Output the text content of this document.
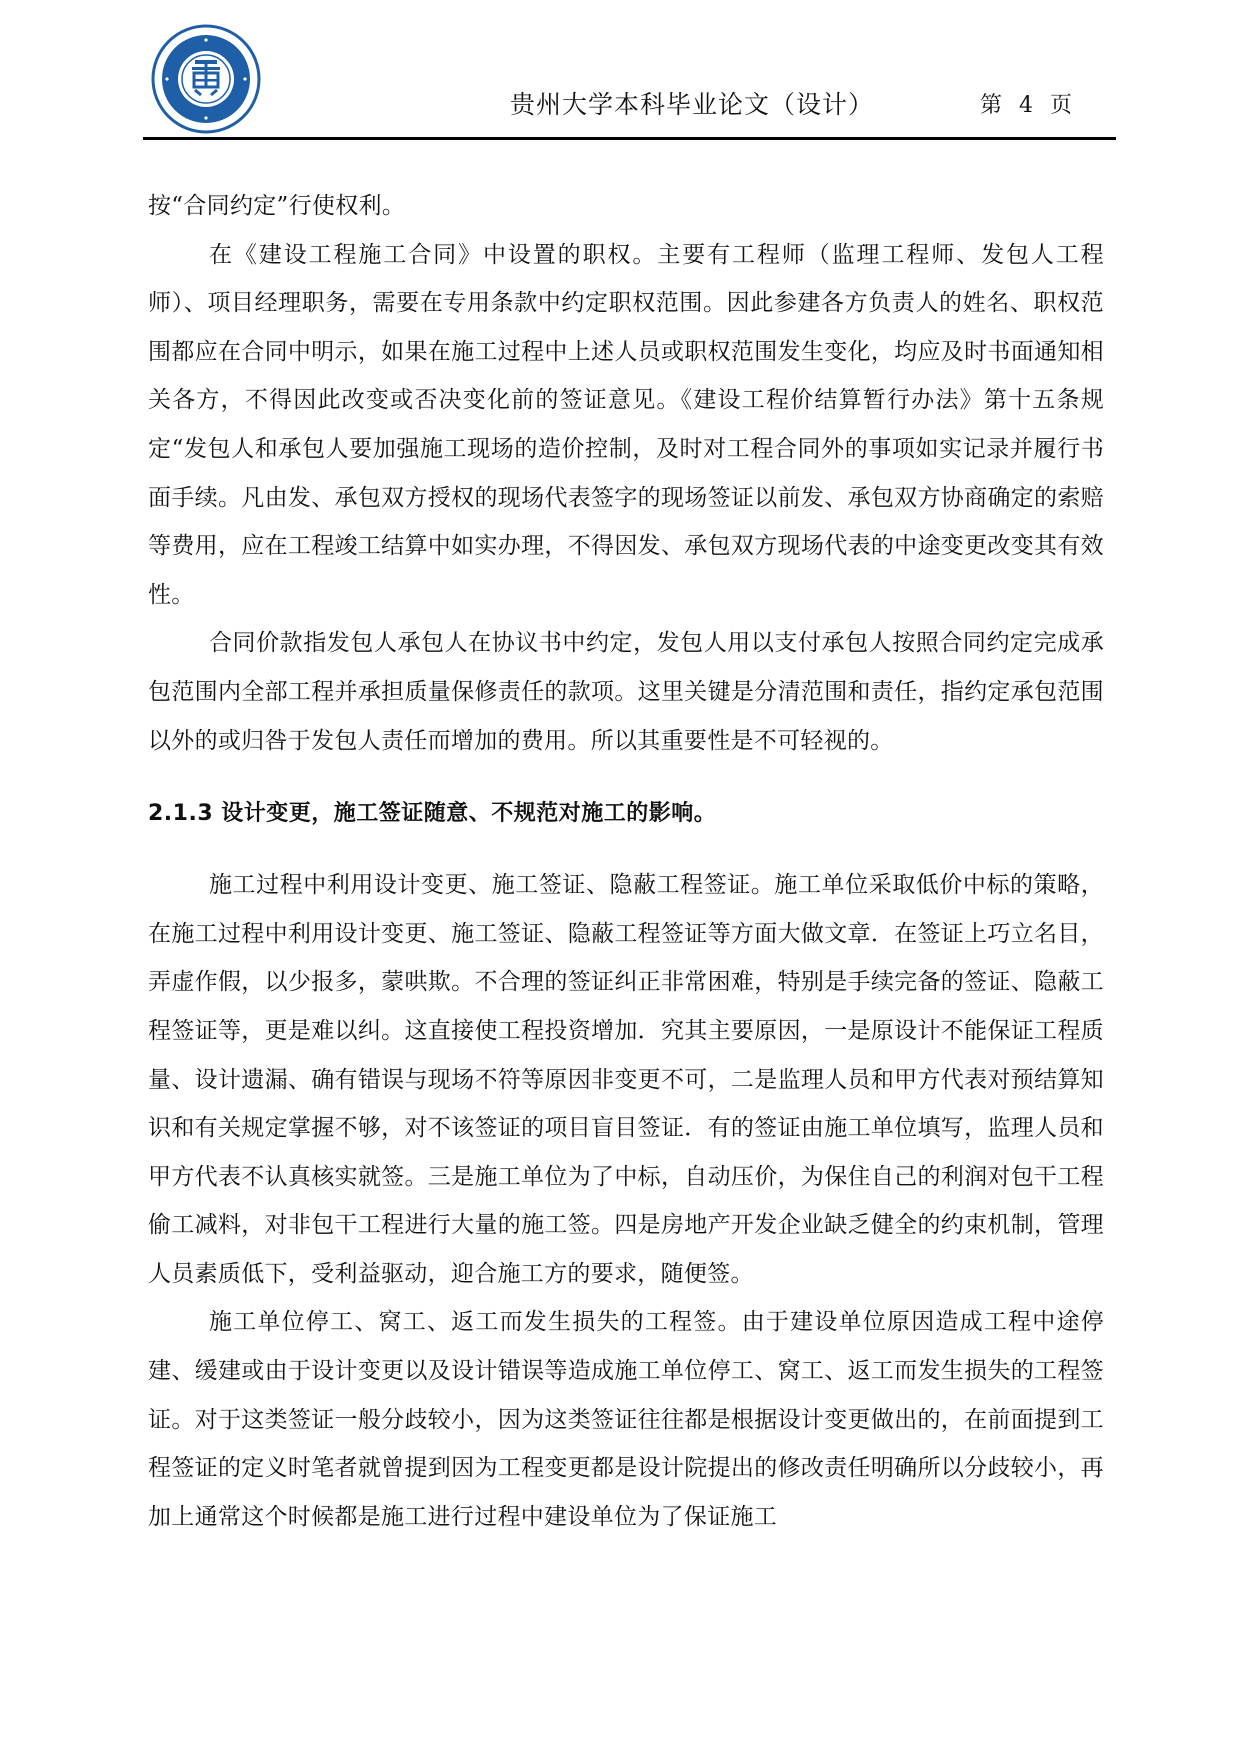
贵州大学本科毕业论文（设计）	第 4 页

按“合同约定”行使权利。

在《建设工程施工合同》中设置的职权。主要有工程师（监理工程师、发包人工程师）、项目经理职务，需要在专用条款中约定职权范围。因此参建各方负责人的姓名、职权范围都应在合同中明示，如果在施工过程中上述人员或职权范围发生变化，均应及时书面通知相关各方，不得因此改变或否决变化前的签证意见。《建设工程价结算暂行办法》第十五条规定“发包人和承包人要加强施工现场的造价控制，及时对工程合同外的事项如实记录并履行书面手续。凡由发、承包双方授权的现场代表签字的现场签证以前发、承包双方协商确定的索赔等费用，应在工程竣工结算中如实办理，不得因发、承包双方现场代表的中途变更改变其有效性。

合同价款指发包人承包人在协议书中约定，发包人用以支付承包人按照合同约定完成承包范围内全部工程并承担质量保修责任的款项。这里关键是分清范围和责任，指约定承包范围以外的或归咎于发包人责任而增加的费用。所以其重要性是不可轻视的。

2.1.3 设计变更，施工签证随意、不规范对施工的影响。

施工过程中利用设计变更、施工签证、隐蔽工程签证。施工单位采取低价中标的策略，在施工过程中利用设计变更、施工签证、隐蔽工程签证等方面大做文章．在签证上巧立名目，弄虚作假，以少报多，蒙哄欺。不合理的签证纠正非常困难，特别是手续完备的签证、隐蔽工程签证等，更是难以纠。这直接使工程投资增加．究其主要原因，一是原设计不能保证工程质量、设计遗漏、确有错误与现场不符等原因非变更不可，二是监理人员和甲方代表对预结算知识和有关规定掌握不够，对不该签证的项目盲目签证．有的签证由施工单位填写，监理人员和甲方代表不认真核实就签。三是施工单位为了中标，自动压价，为保住自己的利润对包干工程偷工减料，对非包干工程进行大量的施工签。四是房地产开发企业缺乏健全的约束机制，管理人员素质低下，受利益驱动，迎合施工方的要求，随便签。

施工单位停工、窝工、返工而发生损失的工程签。由于建设单位原因造成工程中途停建、缓建或由于设计变更以及设计错误等造成施工单位停工、窝工、返工而发生损失的工程签证。对于这类签证一般分歧较小，因为这类签证往往都是根据设计变更做出的，在前面提到工程签证的定义时笔者就曾提到因为工程变更都是设计院提出的修改责任明确所以分歧较小，再加上通常这个时候都是施工进行过程中建设单位为了保证施工
